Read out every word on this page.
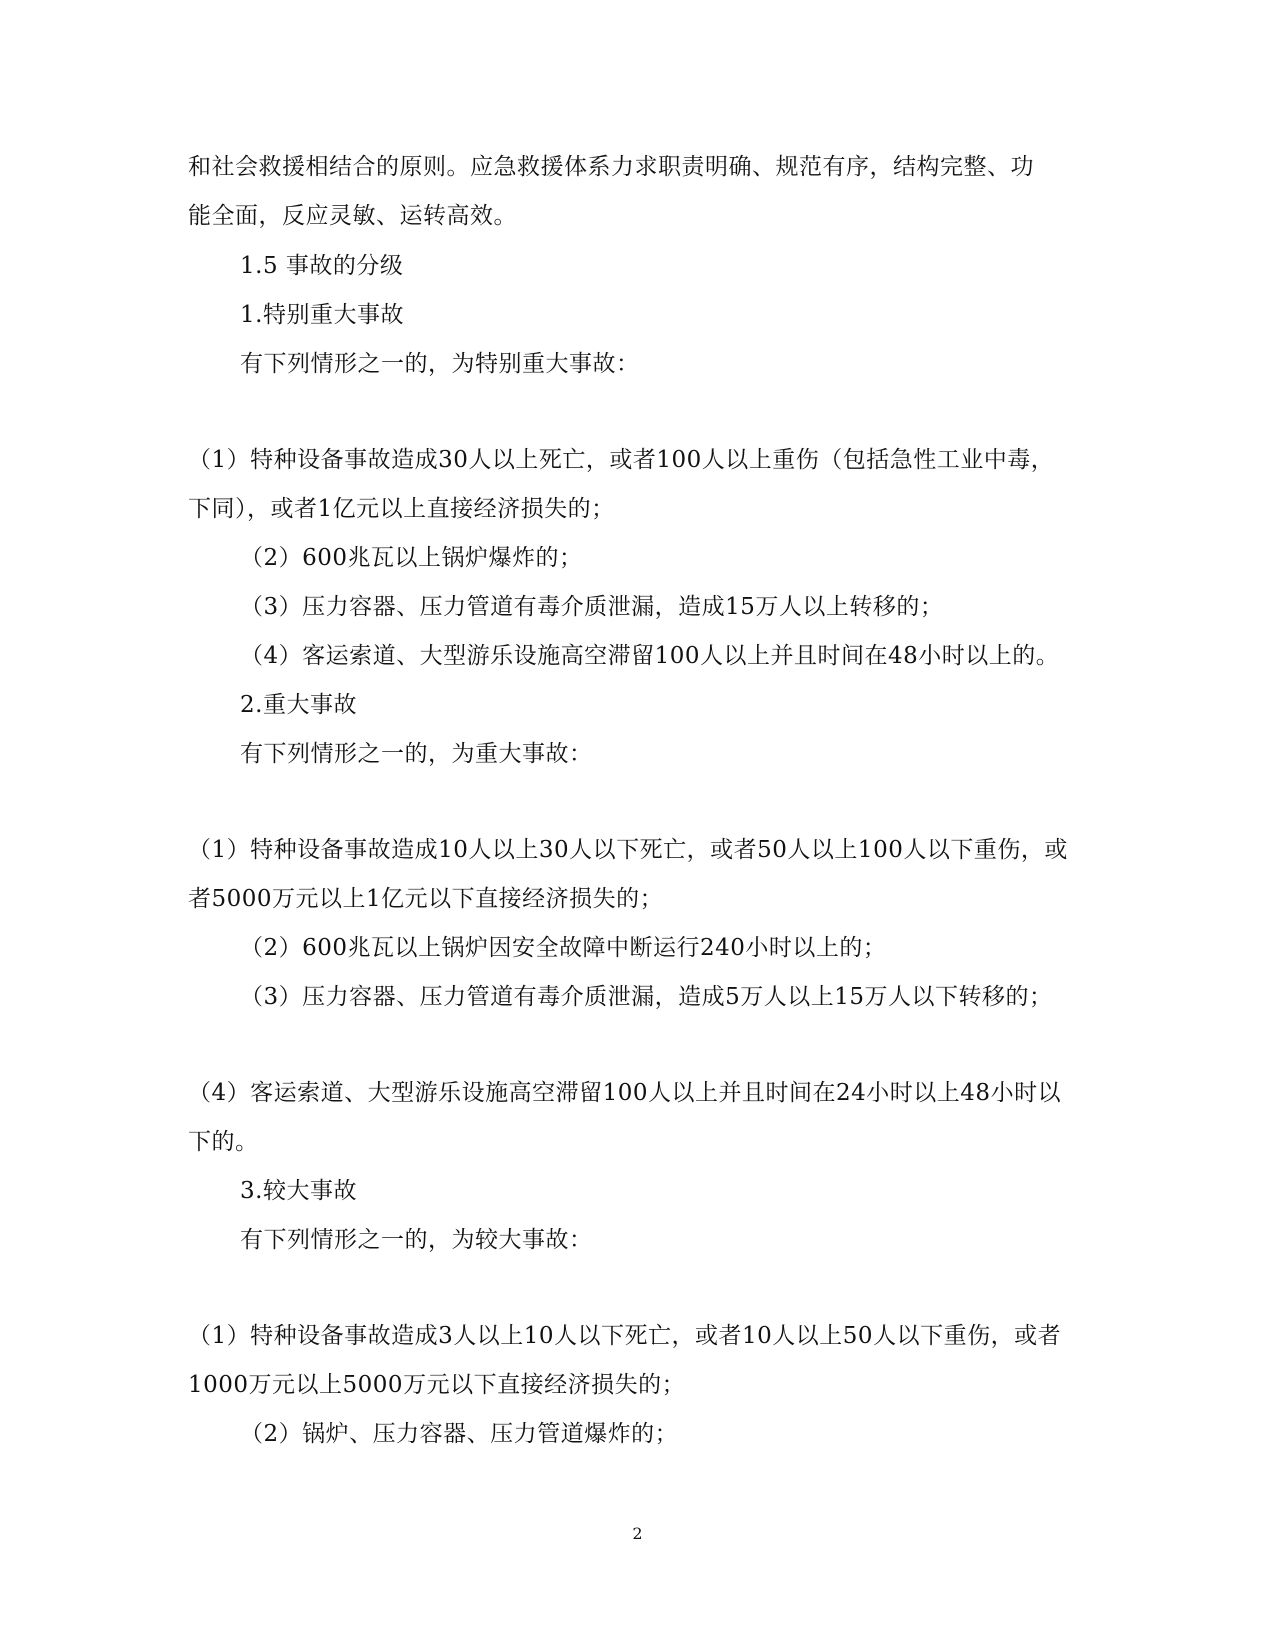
和社会救援相结合的原则。应急救援体系力求职责明确、规范有序，结构完整、功
能全面，反应灵敏、运转高效。
1.5 事故的分级
1.特别重大事故
有下列情形之一的，为特别重大事故：
（1）特种设备事故造成30人以上死亡，或者100人以上重伤（包括急性工业中毒，
下同），或者1亿元以上直接经济损失的；
（2）600兆瓦以上锅炉爆炸的；
（3）压力容器、压力管道有毒介质泄漏，造成15万人以上转移的；
（4）客运索道、大型游乐设施高空滞留100人以上并且时间在48小时以上的。
2.重大事故
有下列情形之一的，为重大事故：
（1）特种设备事故造成10人以上30人以下死亡，或者50人以上100人以下重伤，或
者5000万元以上1亿元以下直接经济损失的；
（2）600兆瓦以上锅炉因安全故障中断运行240小时以上的；
（3）压力容器、压力管道有毒介质泄漏，造成5万人以上15万人以下转移的；
（4）客运索道、大型游乐设施高空滞留100人以上并且时间在24小时以上48小时以
下的。
3.较大事故
有下列情形之一的，为较大事故：
（1）特种设备事故造成3人以上10人以下死亡，或者10人以上50人以下重伤，或者
1000万元以上5000万元以下直接经济损失的；
（2）锅炉、压力容器、压力管道爆炸的；
2
